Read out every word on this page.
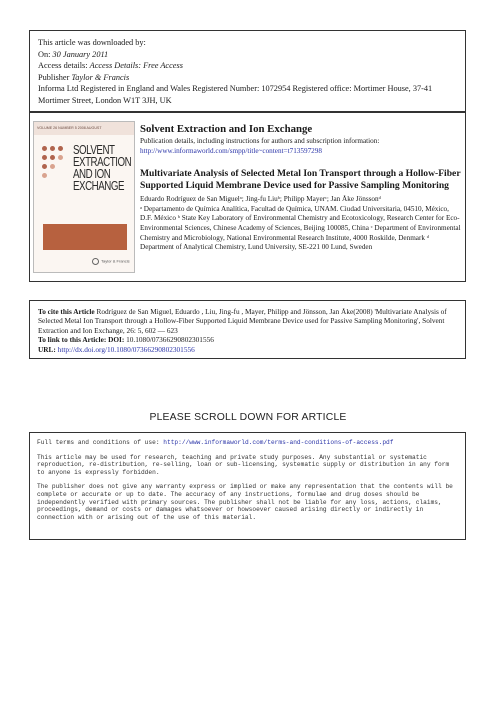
This article was downloaded by:
On: 30 January 2011
Access details: Access Details: Free Access
Publisher Taylor & Francis
Informa Ltd Registered in England and Wales Registered Number: 1072954 Registered office: Mortimer House, 37-41 Mortimer Street, London W1T 3JH, UK
VOLUME 26 NUMBER 5 2008 AUGUST
SOLVENT
EXTRACTION
AND ION
EXCHANGE
Taylor & Francis
Solvent Extraction and Ion Exchange
Publication details, including instructions for authors and subscription information:
http://www.informaworld.com/smpp/title~content=t713597298
Multivariate Analysis of Selected Metal Ion Transport through a Hollow-Fiber Supported Liquid Membrane Device used for Passive Sampling Monitoring
Eduardo Rodríguez de San Miguelᵃ; Jing-fu Liuᵇ; Philipp Mayerᶜ; Jan Åke Jönssonᵈ
ᵃ Departamento de Química Analítica, Facultad de Química, UNAM. Ciudad Universitaria, 04510, México, D.F. México ᵇ State Key Laboratory of Environmental Chemistry and Ecotoxicology, Research Center for Eco-Environmental Sciences, Chinese Academy of Sciences, Beijing 100085, China ᶜ Department of Environmental Chemistry and Microbiology, National Environmental Research Institute, 4000 Roskilde, Denmark ᵈ Department of Analytical Chemistry, Lund University, SE-221 00 Lund, Sweden
To cite this Article Rodríguez de San Miguel, Eduardo , Liu, Jing-fu , Mayer, Philipp and Jönsson, Jan Åke(2008) 'Multivariate Analysis of Selected Metal Ion Transport through a Hollow-Fiber Supported Liquid Membrane Device used for Passive Sampling Monitoring', Solvent Extraction and Ion Exchange, 26: 5, 602 — 623
To link to this Article: DOI: 10.1080/07366290802301556
URL: http://dx.doi.org/10.1080/07366290802301556
PLEASE SCROLL DOWN FOR ARTICLE

Full terms and conditions of use: http://www.informaworld.com/terms-and-conditions-of-access.pdf

This article may be used for research, teaching and private study purposes. Any substantial or systematic reproduction, re-distribution, re-selling, loan or sub-licensing, systematic supply or distribution in any form to anyone is expressly forbidden.

The publisher does not give any warranty express or implied or make any representation that the contents will be complete or accurate or up to date. The accuracy of any instructions, formulae and drug doses should be independently verified with primary sources. The publisher shall not be liable for any loss, actions, claims, proceedings, demand or costs or damages whatsoever or howsoever caused arising directly or indirectly in connection with or arising out of the use of this material.
